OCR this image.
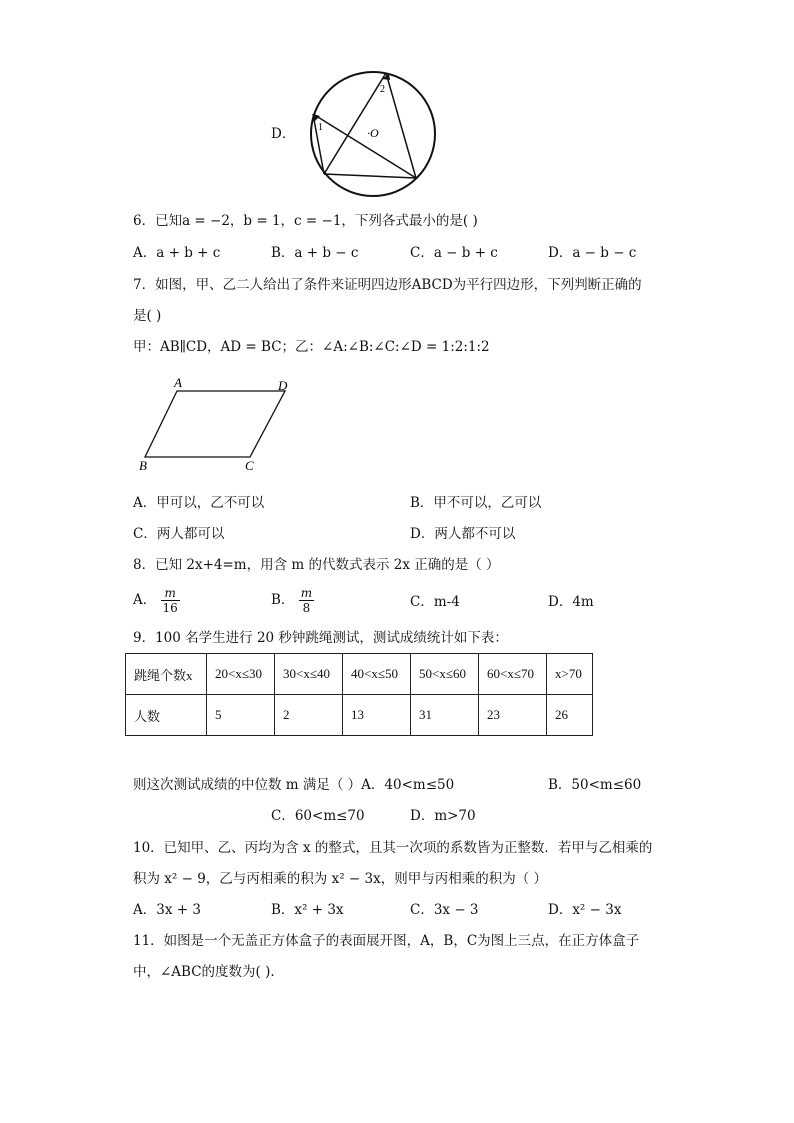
D． 1
2
·O
6．已知a = −2，b = 1，c = −1，下列各式最小的是( )
A．a + b + c	B．a + b − c	C．a − b + c	D．a − b − c
7．如图，甲、乙二人给出了条件来证明四边形ABCD为平行四边形，下列判断正确的
是( )
甲：AB∥CD，AD = BC；乙：∠A:∠B:∠C:∠D = 1:2:1:2
A	D
B	C
A．甲可以，乙不可以	B．甲不可以，乙可以
C．两人都可以	D．两人都不可以
8．已知 2x+4=m，用含 m 的代数式表示 2x 正确的是（ ）
A． $\frac{m}{16}$	B． $\frac{m}{8}$	C．m-4	D．4m
9．100 名学生进行 20 秒钟跳绳测试，测试成绩统计如下表：
跳绳个数x	20<x≤30	30<x≤40	40<x≤50	50<x≤60	60<x≤70	x>70
人数	5	2	13	31	23	26
则这次测试成绩的中位数 m 满足（ ）A．40<m≤50	B．50<m≤60
C．60<m≤70	D．m>70
10．已知甲、乙、丙均为含 x 的整式，且其一次项的系数皆为正整数．若甲与乙相乘的
积为 x² − 9，乙与丙相乘的积为 x² − 3x，则甲与丙相乘的积为（ ）
A．3x + 3	B．x² + 3x	C．3x − 3	D．x² − 3x
11．如图是一个无盖正方体盒子的表面展开图，A，B，C为图上三点，在正方体盒子
中，∠ABC的度数为( ).
